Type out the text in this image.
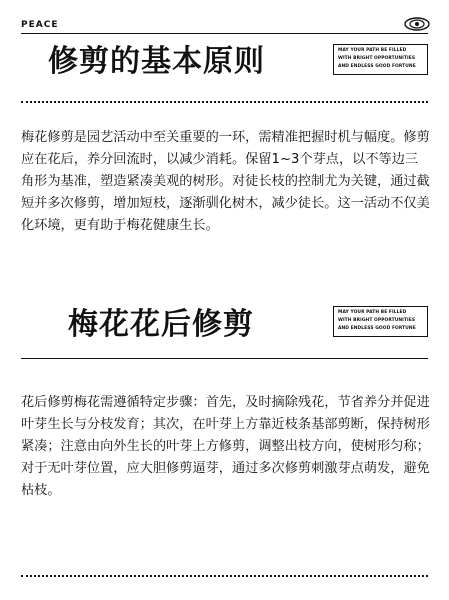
PEACE
修剪的基本原则	MAY YOUR PATH BE FILLED
WITH BRIGHT OPPORTUNITIES
AND ENDLESS GOOD FORTUNE
梅花修剪是园艺活动中至关重要的一环，需精准把握时机与幅度。修剪应在花后，养分回流时，以减少消耗。保留1~3个芽点，以不等边三角形为基准，塑造紧凑美观的树形。对徒长枝的控制尤为关键，通过截短并多次修剪，增加短枝，逐渐驯化树木，减少徒长。这一活动不仅美化环境，更有助于梅花健康生长。
梅花花后修剪	MAY YOUR PATH BE FILLED
WITH BRIGHT OPPORTUNITIES
AND ENDLESS GOOD FORTUNE
花后修剪梅花需遵循特定步骤：首先，及时摘除残花，节省养分并促进叶芽生长与分枝发育；其次，在叶芽上方靠近枝条基部剪断，保持树形紧凑；注意由向外生长的叶芽上方修剪，调整出枝方向，使树形匀称；对于无叶芽位置，应大胆修剪逼芽，通过多次修剪刺激芽点萌发，避免枯枝。
